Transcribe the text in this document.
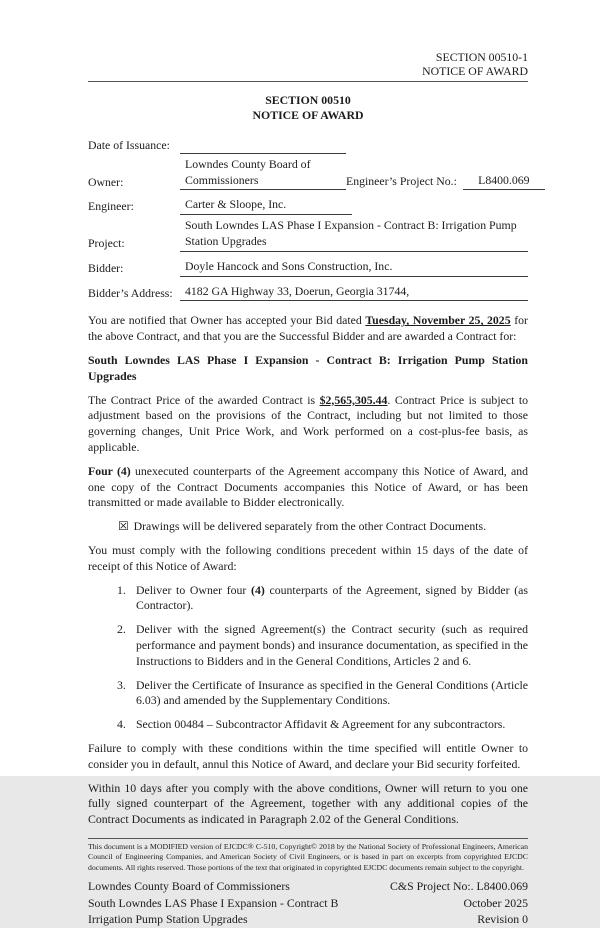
SECTION 00510-1
NOTICE OF AWARD
SECTION 00510
NOTICE OF AWARD
Date of Issuance:
Owner:
Lowndes County Board of
Commissioners	Engineer’s Project No.:	L8400.069
Engineer:	Carter & Sloope, Inc.
Project:
South Lowndes LAS Phase I Expansion - Contract B: Irrigation Pump
Station Upgrades
Bidder:	Doyle Hancock and Sons Construction, Inc.
Bidder’s Address:	4182 GA Highway 33, Doerun, Georgia 31744,

You are notified that Owner has accepted your Bid dated Tuesday, November 25, 2025 for the above Contract, and that you are the Successful Bidder and are awarded a Contract for:

South Lowndes LAS Phase I Expansion - Contract B: Irrigation Pump Station Upgrades

The Contract Price of the awarded Contract is $2,565,305.44. Contract Price is subject to adjustment based on the provisions of the Contract, including but not limited to those governing changes, Unit Price Work, and Work performed on a cost-plus-fee basis, as applicable.

Four (4) unexecuted counterparts of the Agreement accompany this Notice of Award, and one copy of the Contract Documents accompanies this Notice of Award, or has been transmitted or made available to Bidder electronically.

☒ Drawings will be delivered separately from the other Contract Documents.

You must comply with the following conditions precedent within 15 days of the date of receipt of this Notice of Award:

1. Deliver to Owner four (4) counterparts of the Agreement, signed by Bidder (as Contractor).
2. Deliver with the signed Agreement(s) the Contract security (such as required performance and payment bonds) and insurance documentation, as specified in the Instructions to Bidders and in the General Conditions, Articles 2 and 6.
3. Deliver the Certificate of Insurance as specified in the General Conditions (Article 6.03) and amended by the Supplementary Conditions.
4. Section 00484 – Subcontractor Affidavit & Agreement for any subcontractors.

Failure to comply with these conditions within the time specified will entitle Owner to consider you in default, annul this Notice of Award, and declare your Bid security forfeited.

Within 10 days after you comply with the above conditions, Owner will return to you one fully signed counterpart of the Agreement, together with any additional copies of the Contract Documents as indicated in Paragraph 2.02 of the General Conditions.

This document is a MODIFIED version of EJCDC® C-510, Copyright© 2018 by the National Society of Professional Engineers, American Council of Engineering Companies, and American Society of Civil Engineers, or is based in part on excerpts from copyrighted EJCDC documents. All rights reserved. Those portions of the text that originated in copyrighted EJCDC documents remain subject to the copyright.
Lowndes County Board of Commissioners
South Lowndes LAS Phase I Expansion - Contract B
Irrigation Pump Station Upgrades
C&S Project No:. L8400.069
October 2025
Revision 0
